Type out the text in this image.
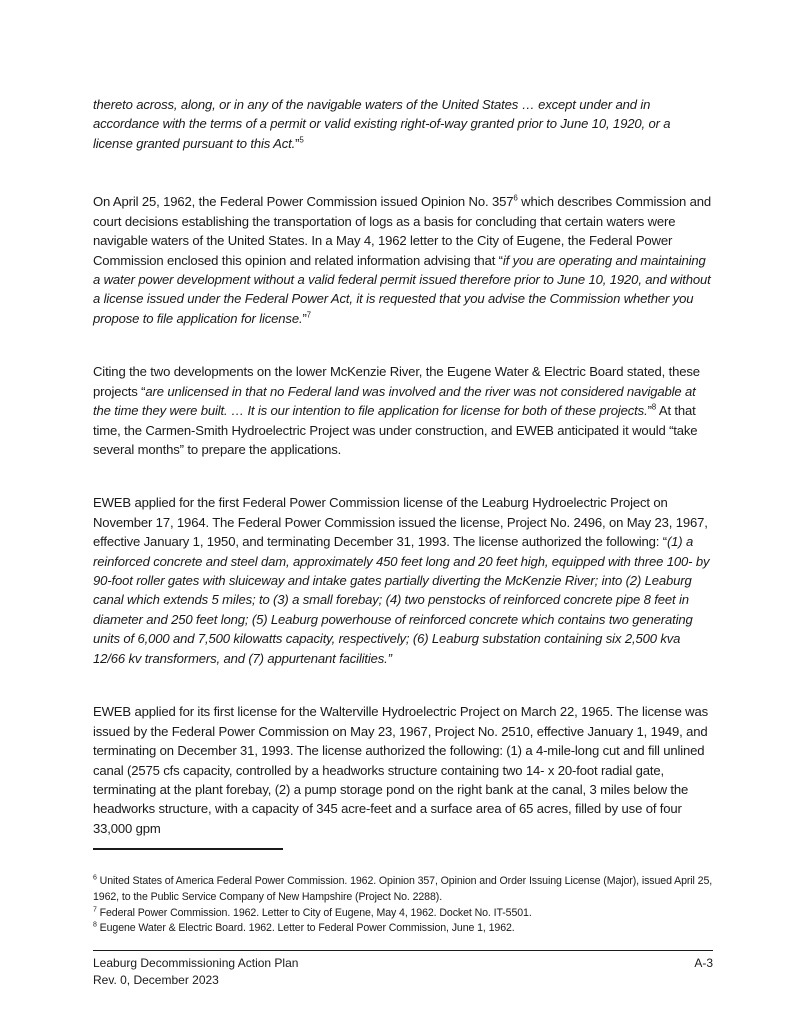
thereto across, along, or in any of the navigable waters of the United States … except under and in accordance with the terms of a permit or valid existing right-of-way granted prior to June 10, 1920, or a license granted pursuant to this Act.”$^5$

On April 25, 1962, the Federal Power Commission issued Opinion No. $357^6$ which describes Commission and court decisions establishing the transportation of logs as a basis for concluding that certain waters were navigable waters of the United States. In a May 4, 1962 letter to the City of Eugene, the Federal Power Commission enclosed this opinion and related information advising that “if you are operating and maintaining a water power development without a valid federal permit issued therefore prior to June 10, 1920, and without a license issued under the Federal Power Act, it is requested that you advise the Commission whether you propose to file application for license.”$^7$

Citing the two developments on the lower McKenzie River, the Eugene Water & Electric Board stated, these projects “are unlicensed in that no Federal land was involved and the river was not considered navigable at the time they were built. … It is our intention to file application for license for both of these projects.”$^8$ At that time, the Carmen-Smith Hydroelectric Project was under construction, and EWEB anticipated it would “take several months” to prepare the applications.

EWEB applied for the first Federal Power Commission license of the Leaburg Hydroelectric Project on November 17, 1964. The Federal Power Commission issued the license, Project No. 2496, on May 23, 1967, effective January 1, 1950, and terminating December 31, 1993. The license authorized the following: “(1) a reinforced concrete and steel dam, approximately 450 feet long and 20 feet high, equipped with three 100- by 90-foot roller gates with sluiceway and intake gates partially diverting the McKenzie River; into (2) Leaburg canal which extends 5 miles; to (3) a small forebay; (4) two penstocks of reinforced concrete pipe 8 feet in diameter and 250 feet long; (5) Leaburg powerhouse of reinforced concrete which contains two generating units of 6,000 and 7,500 kilowatts capacity, respectively; (6) Leaburg substation containing six 2,500 kva 12/66 kv transformers, and (7) appurtenant facilities.”

EWEB applied for its first license for the Walterville Hydroelectric Project on March 22, 1965. The license was issued by the Federal Power Commission on May 23, 1967, Project No. 2510, effective January 1, 1949, and terminating on December 31, 1993. The license authorized the following: (1) a 4-mile-long cut and fill unlined canal (2575 cfs capacity, controlled by a headworks structure containing two 14- x 20-foot radial gate, terminating at the plant forebay, (2) a pump storage pond on the right bank at the canal, 3 miles below the headworks structure, with a capacity of 345 acre-feet and a surface area of 65 acres, filled by use of four 33,000 gpm

$^6$ United States of America Federal Power Commission. 1962. Opinion 357, Opinion and Order Issuing License (Major), issued April 25, 1962, to the Public Service Company of New Hampshire (Project No. 2288).

$^7$ Federal Power Commission. 1962. Letter to City of Eugene, May 4, 1962. Docket No. IT-5501.

$^8$ Eugene Water & Electric Board. 1962. Letter to Federal Power Commission, June 1, 1962.

Leaburg Decommissioning Action Plan	A-3
Rev. 0, December 2023
